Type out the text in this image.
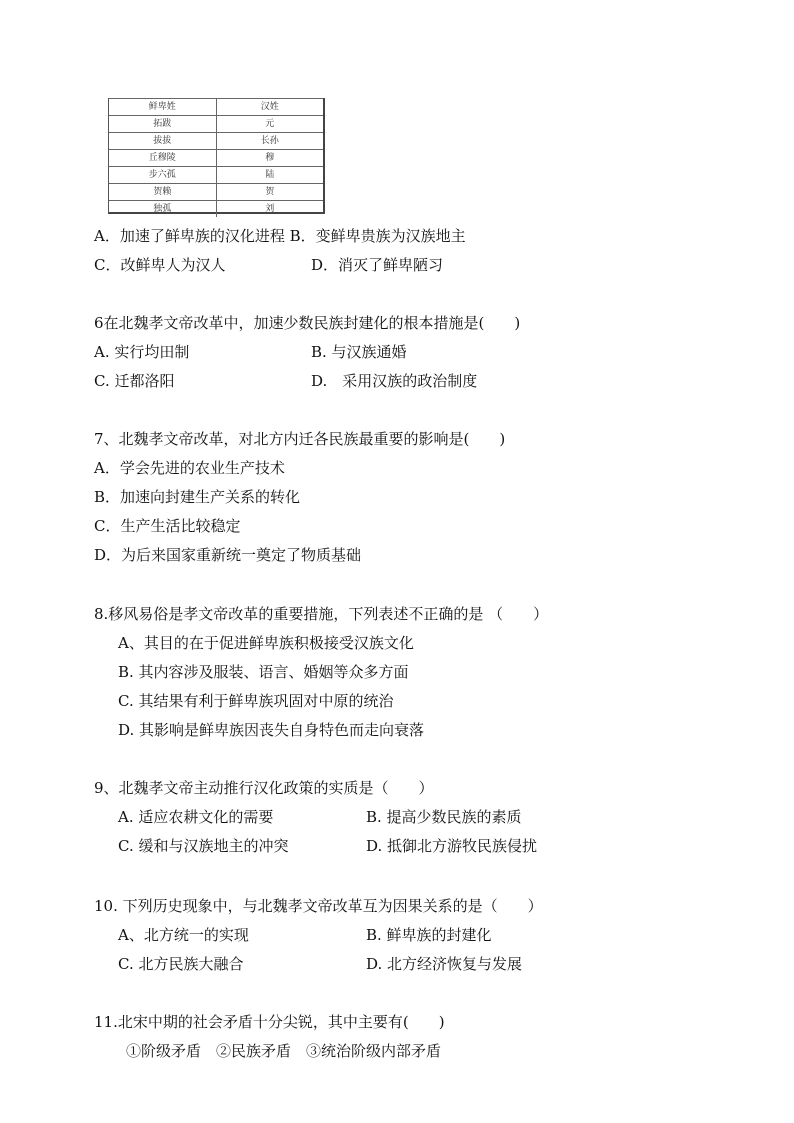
鲜卑姓	汉姓
拓跋	元
拔拔	长孙
丘穆陵	穆
步六孤	陆
贺赖	贺
独孤	刘
A．加速了鲜卑族的汉化进程 B．变鲜卑贵族为汉族地主
C．改鲜卑人为汉人	D．消灭了鲜卑陋习
6在北魏孝文帝改革中，加速少数民族封建化的根本措施是(　　)
A. 实行均田制	B. 与汉族通婚
C. 迁都洛阳	D.　采用汉族的政治制度
7、北魏孝文帝改革，对北方内迁各民族最重要的影响是(　　)
A．学会先进的农业生产技术
B．加速向封建生产关系的转化
C．生产生活比较稳定
D．为后来国家重新统一奠定了物质基础
8.移风易俗是孝文帝改革的重要措施，下列表述不正确的是 （　　）
A、其目的在于促进鲜卑族积极接受汉族文化
B. 其内容涉及服装、语言、婚姻等众多方面
C. 其结果有利于鲜卑族巩固对中原的统治
D. 其影响是鲜卑族因丧失自身特色而走向衰落
9、北魏孝文帝主动推行汉化政策的实质是（　　）
A. 适应农耕文化的需要	B. 提高少数民族的素质
C. 缓和与汉族地主的冲突	D. 抵御北方游牧民族侵扰
10. 下列历史现象中，与北魏孝文帝改革互为因果关系的是（　　）
A、北方统一的实现	B. 鲜卑族的封建化
C. 北方民族大融合	D. 北方经济恢复与发展
11.北宋中期的社会矛盾十分尖锐，其中主要有(　　)
①阶级矛盾　②民族矛盾　③统治阶级内部矛盾
